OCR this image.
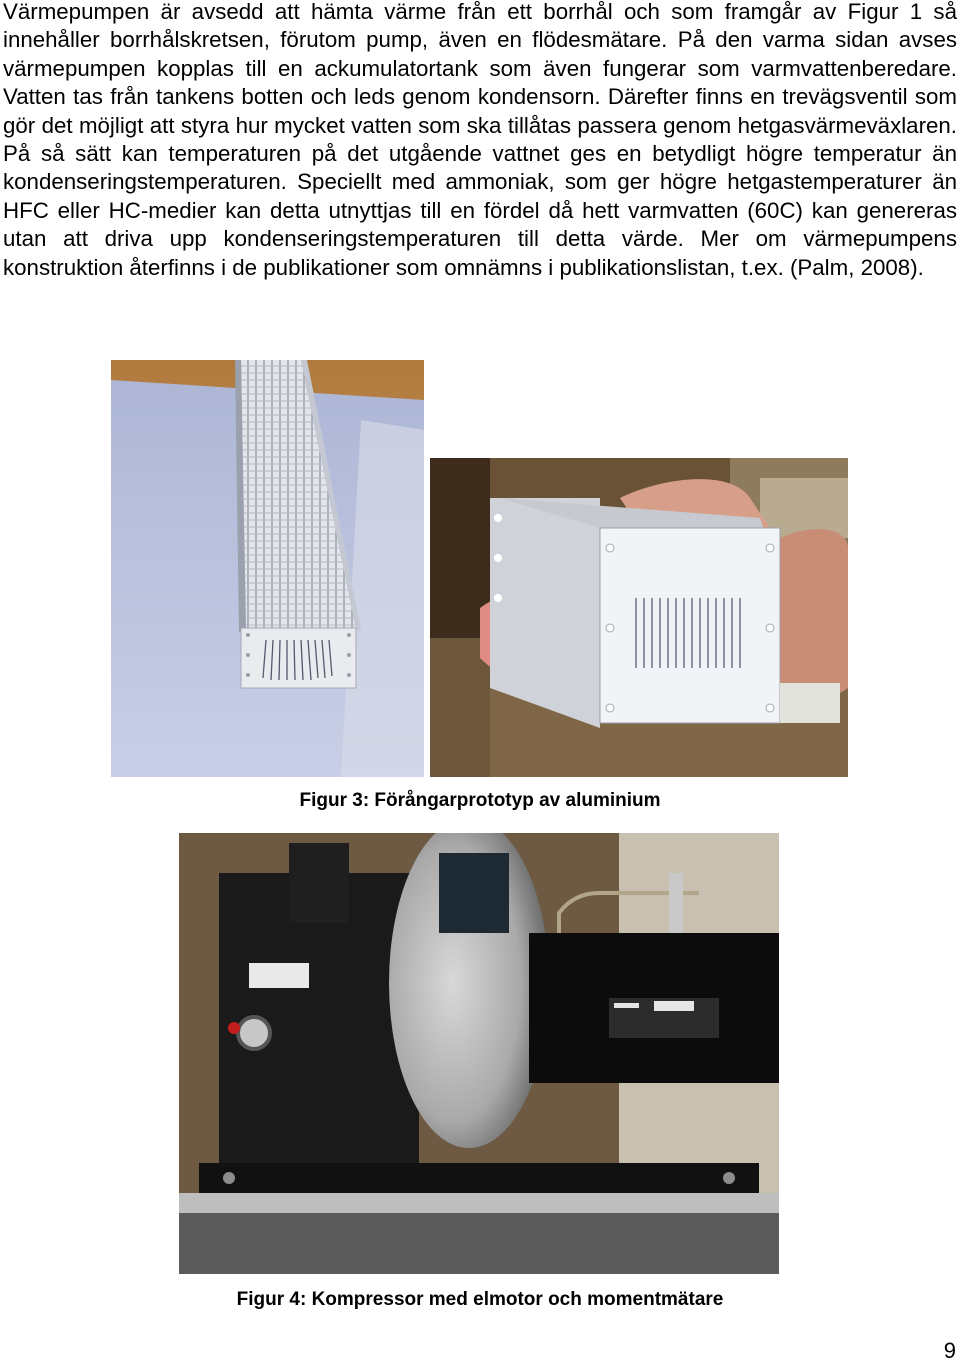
Värmepumpen är avsedd att hämta värme från ett borrhål och som framgår av Figur 1 så innehåller borrhålskretsen, förutom pump, även en flödesmätare. På den varma sidan avses värmepumpen kopplas till en ackumulatortank som även fungerar som varmvattenberedare. Vatten tas från tankens botten och leds genom kondensorn. Därefter finns en trevägsventil som gör det möjligt att styra hur mycket vatten som ska tillåtas passera genom hetgasvärmeväxlaren. På så sätt kan temperaturen på det utgående vattnet ges en betydligt högre temperatur än kondenseringstemperaturen. Speciellt med ammoniak, som ger högre hetgastemperaturer än HFC eller HC-medier kan detta utnyttjas till en fördel då hett varmvatten (60C) kan genereras utan att driva upp kondenseringstemperaturen till detta värde. Mer om värmepumpens konstruktion återfinns i de publikationer som omnämns i publikationslistan, t.ex. (Palm, 2008).

Figur 3: Förångarprototyp av aluminium
Figur 4: Kompressor med elmotor och momentmätare
9
